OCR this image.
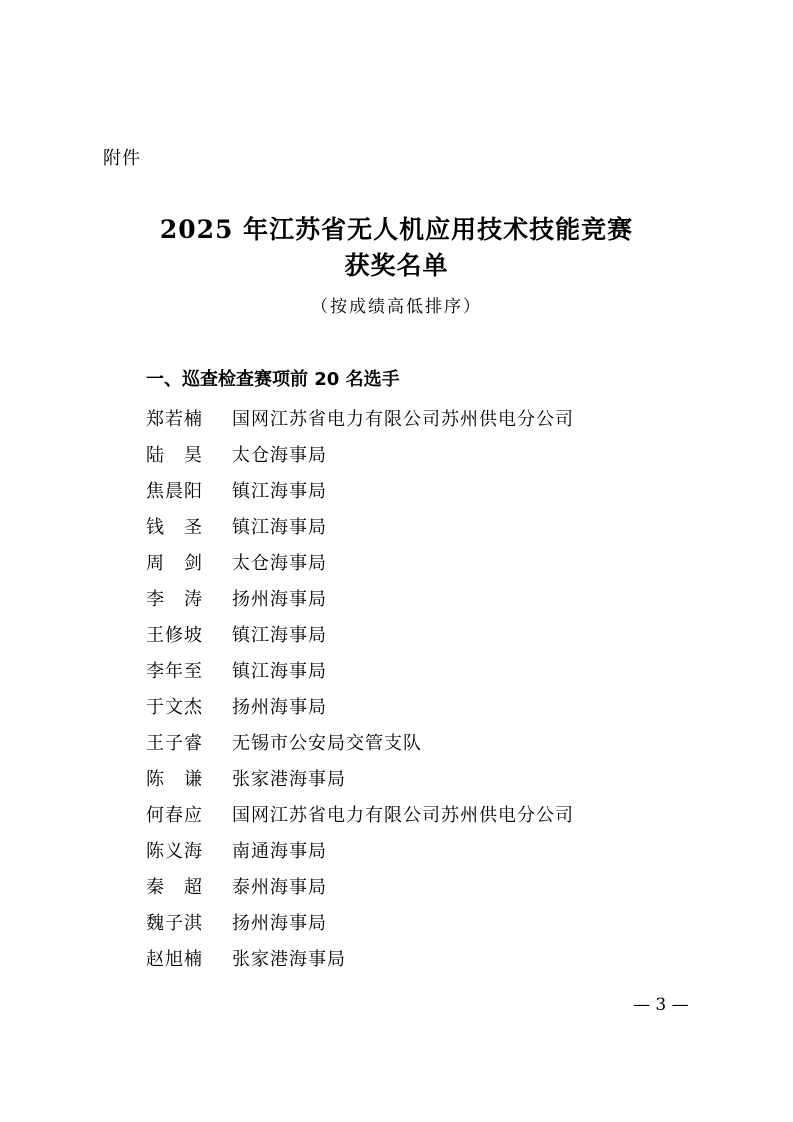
附件
2025 年江苏省无人机应用技术技能竞赛
获奖名单
（按成绩高低排序）
一、巡查检查赛项前 20 名选手
郑若楠	国网江苏省电力有限公司苏州供电分公司
陆　昊	太仓海事局
焦晨阳	镇江海事局
钱　圣	镇江海事局
周　剑	太仓海事局
李　涛	扬州海事局
王修坡	镇江海事局
李年至	镇江海事局
于文杰	扬州海事局
王子睿	无锡市公安局交管支队
陈　谦	张家港海事局
何春应	国网江苏省电力有限公司苏州供电分公司
陈义海	南通海事局
秦　超	泰州海事局
魏子淇	扬州海事局
赵旭楠	张家港海事局
— 3 —
